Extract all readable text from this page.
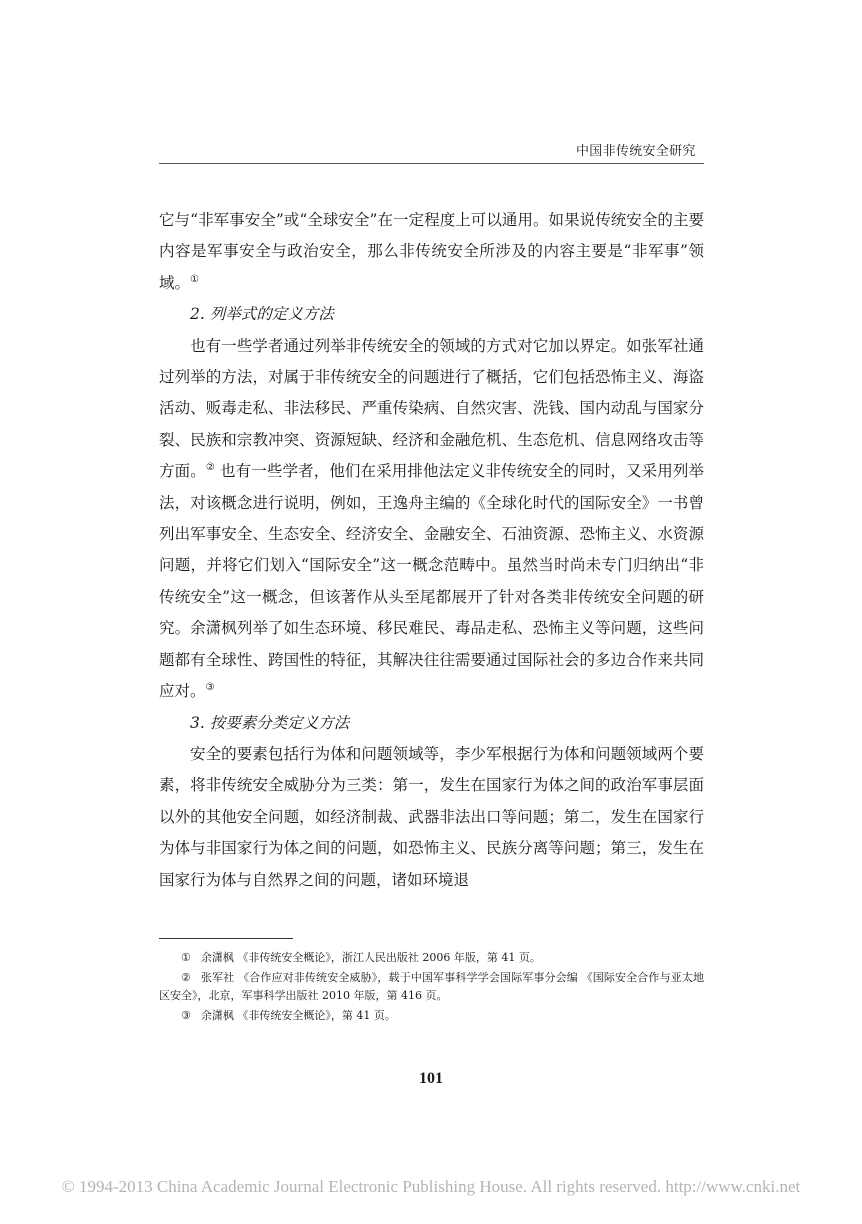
中国非传统安全研究

它与“非军事安全”或“全球安全”在一定程度上可以通用。如果说传统安全的主要内容是军事安全与政治安全，那么非传统安全所涉及的内容主要是“非军事”领域。①

2. 列举式的定义方法

也有一些学者通过列举非传统安全的领域的方式对它加以界定。如张军社通过列举的方法，对属于非传统安全的问题进行了概括，它们包括恐怖主义、海盗活动、贩毒走私、非法移民、严重传染病、自然灾害、洗钱、国内动乱与国家分裂、民族和宗教冲突、资源短缺、经济和金融危机、生态危机、信息网络攻击等方面。② 也有一些学者，他们在采用排他法定义非传统安全的同时，又采用列举法，对该概念进行说明，例如，王逸舟主编的《全球化时代的国际安全》一书曾列出军事安全、生态安全、经济安全、金融安全、石油资源、恐怖主义、水资源问题，并将它们划入“国际安全”这一概念范畴中。虽然当时尚未专门归纳出“非传统安全”这一概念，但该著作从头至尾都展开了针对各类非传统安全问题的研究。余潇枫列举了如生态环境、移民难民、毒品走私、恐怖主义等问题，这些问题都有全球性、跨国性的特征，其解决往往需要通过国际社会的多边合作来共同应对。③

3. 按要素分类定义方法

安全的要素包括行为体和问题领域等，李少军根据行为体和问题领域两个要素，将非传统安全威胁分为三类：第一，发生在国家行为体之间的政治军事层面以外的其他安全问题，如经济制裁、武器非法出口等问题；第二，发生在国家行为体与非国家行为体之间的问题，如恐怖主义、民族分离等问题；第三，发生在国家行为体与自然界之间的问题，诸如环境退

① 余潇枫 《非传统安全概论》，浙江人民出版社 2006 年版，第 41 页。

② 张军社 《合作应对非传统安全威胁》，载于中国军事科学学会国际军事分会编 《国际安全合作与亚太地区安全》，北京，军事科学出版社 2010 年版，第 416 页。

③ 余潇枫 《非传统安全概论》，第 41 页。

101
© 1994-2013 China Academic Journal Electronic Publishing House. All rights reserved. http://www.cnki.net
